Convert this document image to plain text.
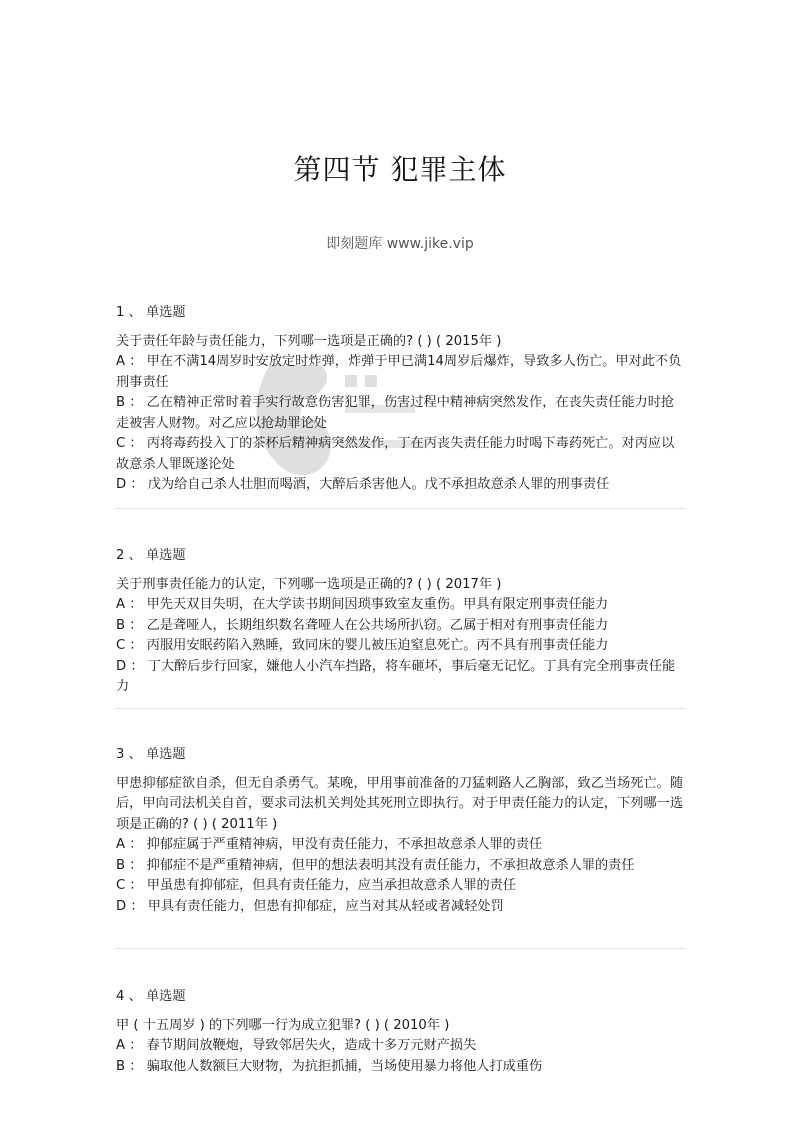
第四节 犯罪主体
即刻题库 www.jike.vip
1 、 单选题
关于责任年龄与责任能力，下列哪一选项是正确的? ( ) ( 2015年 )
A ： 甲在不满14周岁时安放定时炸弹，炸弹于甲已满14周岁后爆炸，导致多人伤亡。甲对此不负刑事责任
B ： 乙在精神正常时着手实行故意伤害犯罪，伤害过程中精神病突然发作，在丧失责任能力时抢走被害人财物。对乙应以抢劫罪论处
C ： 丙将毒药投入丁的茶杯后精神病突然发作，丁在丙丧失责任能力时喝下毒药死亡。对丙应以故意杀人罪既遂论处
D ： 戊为给自己杀人壮胆而喝酒，大醉后杀害他人。戊不承担故意杀人罪的刑事责任
2 、 单选题
关于刑事责任能力的认定，下列哪一选项是正确的? ( ) ( 2017年 )
A ： 甲先天双目失明，在大学读书期间因琐事致室友重伤。甲具有限定刑事责任能力
B ： 乙是聋哑人，长期组织数名聋哑人在公共场所扒窃。乙属于相对有刑事责任能力
C ： 丙服用安眠药陷入熟睡，致同床的婴儿被压迫窒息死亡。丙不具有刑事责任能力
D ： 丁大醉后步行回家，嫌他人小汽车挡路，将车砸坏，事后毫无记忆。丁具有完全刑事责任能力
3 、 单选题
甲患抑郁症欲自杀，但无自杀勇气。某晚，甲用事前准备的刀猛刺路人乙胸部，致乙当场死亡。随后，甲向司法机关自首，要求司法机关判处其死刑立即执行。对于甲责任能力的认定，下列哪一选项是正确的? ( ) ( 2011年 )
A ： 抑郁症属于严重精神病，甲没有责任能力，不承担故意杀人罪的责任
B ： 抑郁症不是严重精神病，但甲的想法表明其没有责任能力，不承担故意杀人罪的责任
C ： 甲虽患有抑郁症，但具有责任能力，应当承担故意杀人罪的责任
D ： 甲具有责任能力，但患有抑郁症，应当对其从轻或者减轻处罚
4 、 单选题
甲 ( 十五周岁 ) 的下列哪一行为成立犯罪? ( ) ( 2010年 )
A ： 春节期间放鞭炮，导致邻居失火，造成十多万元财产损失
B ： 骗取他人数额巨大财物，为抗拒抓捕，当场使用暴力将他人打成重伤
